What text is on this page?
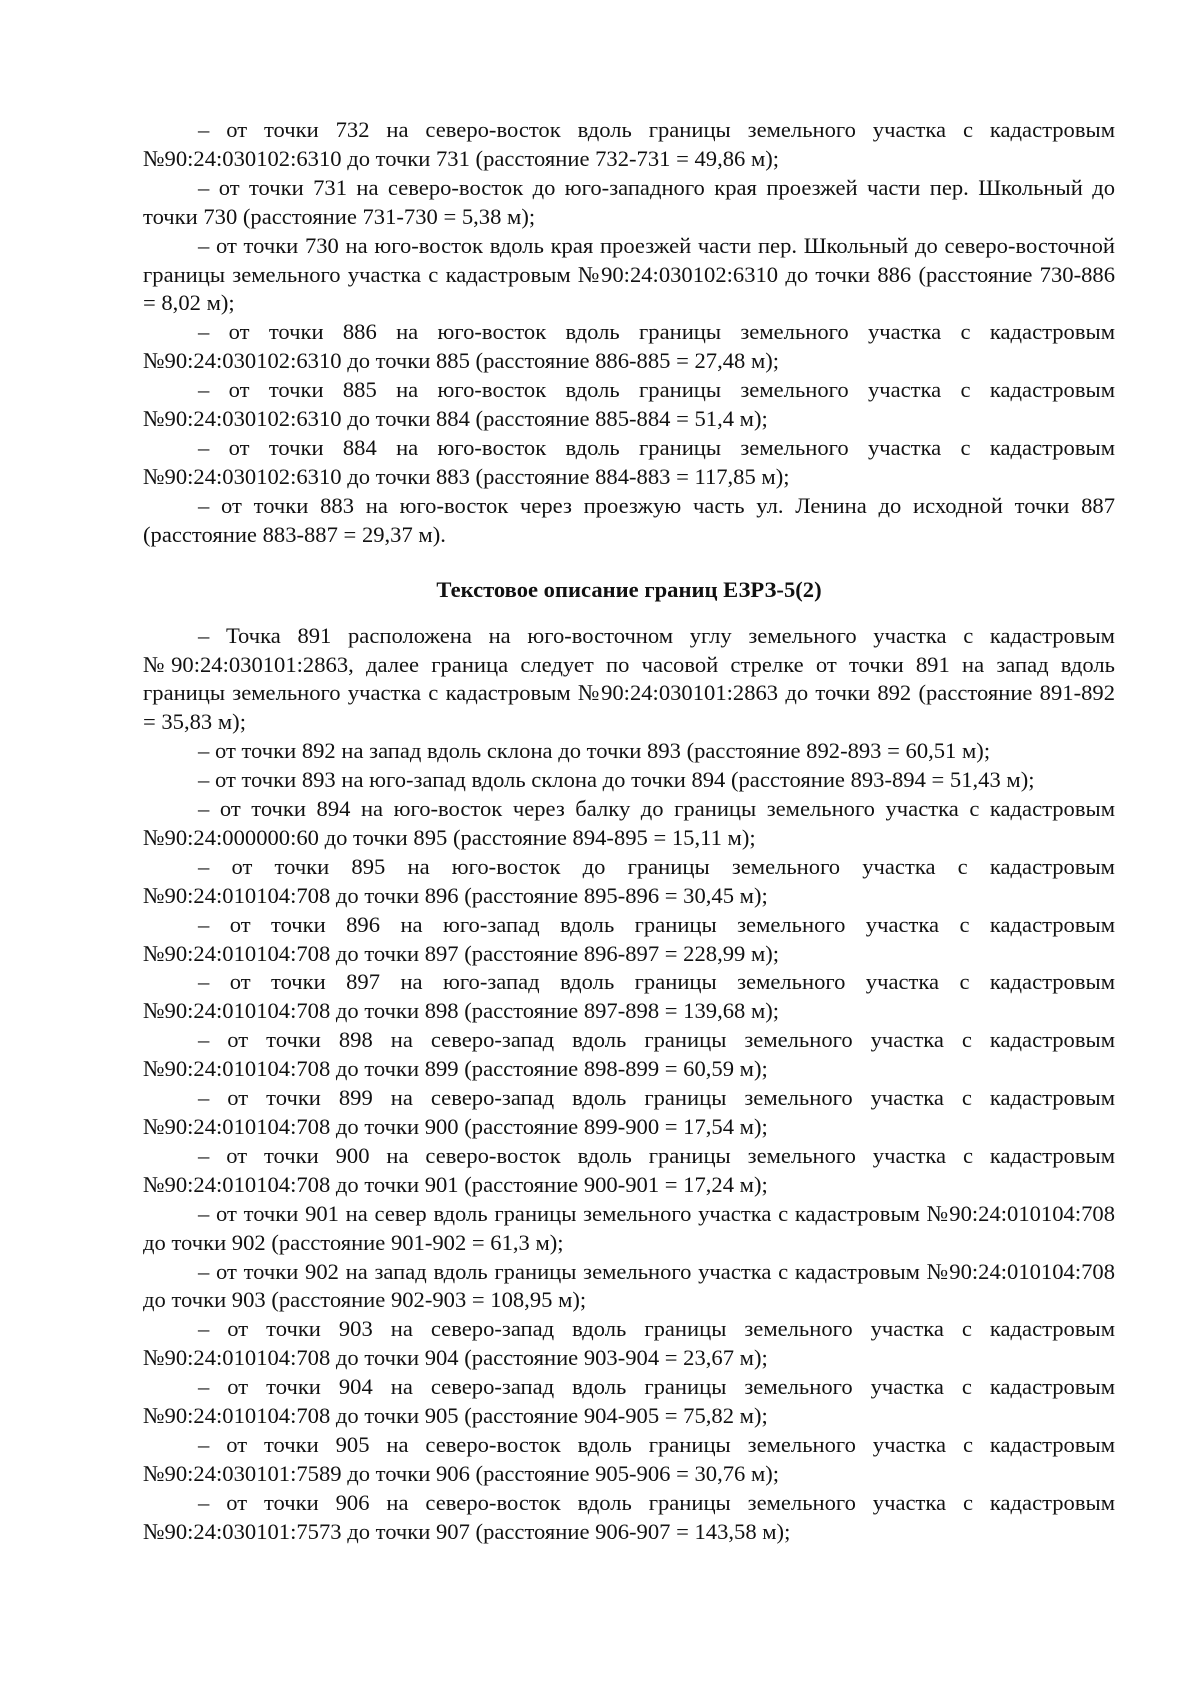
– от точки 732 на северо-восток вдоль границы земельного участка с кадастровым №90:24:030102:6310 до точки 731 (расстояние 732-731 = 49,86 м);

– от точки 731 на северо-восток до юго-западного края проезжей части пер. Школьный до точки 730 (расстояние 731-730 = 5,38 м);

– от точки 730 на юго-восток вдоль края проезжей части пер. Школьный до северо-восточной границы земельного участка с кадастровым №90:24:030102:6310 до точки 886 (расстояние 730-886 = 8,02 м);

– от точки 886 на юго-восток вдоль границы земельного участка с кадастровым №90:24:030102:6310 до точки 885 (расстояние 886-885 = 27,48 м);

– от точки 885 на юго-восток вдоль границы земельного участка с кадастровым №90:24:030102:6310 до точки 884 (расстояние 885-884 = 51,4 м);

– от точки 884 на юго-восток вдоль границы земельного участка с кадастровым №90:24:030102:6310 до точки 883 (расстояние 884-883 = 117,85 м);

– от точки 883 на юго-восток через проезжую часть ул. Ленина до исходной точки 887 (расстояние 883-887 = 29,37 м).

Текстовое описание границ ЕЗРЗ-5(2)

– Точка 891 расположена на юго-восточном углу земельного участка с кадастровым №90:24:030101:2863, далее граница следует по часовой стрелке от точки 891 на запад вдоль границы земельного участка с кадастровым №90:24:030101:2863 до точки 892 (расстояние 891-892 = 35,83 м);

– от точки 892 на запад вдоль склона до точки 893 (расстояние 892-893 = 60,51 м);

– от точки 893 на юго-запад вдоль склона до точки 894 (расстояние 893-894 = 51,43 м);

– от точки 894 на юго-восток через балку до границы земельного участка с кадастровым №90:24:000000:60 до точки 895 (расстояние 894-895 = 15,11 м);

– от точки 895 на юго-восток до границы земельного участка с кадастровым №90:24:010104:708 до точки 896 (расстояние 895-896 = 30,45 м);

– от точки 896 на юго-запад вдоль границы земельного участка с кадастровым №90:24:010104:708 до точки 897 (расстояние 896-897 = 228,99 м);

– от точки 897 на юго-запад вдоль границы земельного участка с кадастровым №90:24:010104:708 до точки 898 (расстояние 897-898 = 139,68 м);

– от точки 898 на северо-запад вдоль границы земельного участка с кадастровым №90:24:010104:708 до точки 899 (расстояние 898-899 = 60,59 м);

– от точки 899 на северо-запад вдоль границы земельного участка с кадастровым №90:24:010104:708 до точки 900 (расстояние 899-900 = 17,54 м);

– от точки 900 на северо-восток вдоль границы земельного участка с кадастровым №90:24:010104:708 до точки 901 (расстояние 900-901 = 17,24 м);

– от точки 901 на север вдоль границы земельного участка с кадастровым №90:24:010104:708 до точки 902 (расстояние 901-902 = 61,3 м);

– от точки 902 на запад вдоль границы земельного участка с кадастровым №90:24:010104:708 до точки 903 (расстояние 902-903 = 108,95 м);

– от точки 903 на северо-запад вдоль границы земельного участка с кадастровым №90:24:010104:708 до точки 904 (расстояние 903-904 = 23,67 м);

– от точки 904 на северо-запад вдоль границы земельного участка с кадастровым №90:24:010104:708 до точки 905 (расстояние 904-905 = 75,82 м);

– от точки 905 на северо-восток вдоль границы земельного участка с кадастровым №90:24:030101:7589 до точки 906 (расстояние 905-906 = 30,76 м);

– от точки 906 на северо-восток вдоль границы земельного участка с кадастровым №90:24:030101:7573 до точки 907 (расстояние 906-907 = 143,58 м);
